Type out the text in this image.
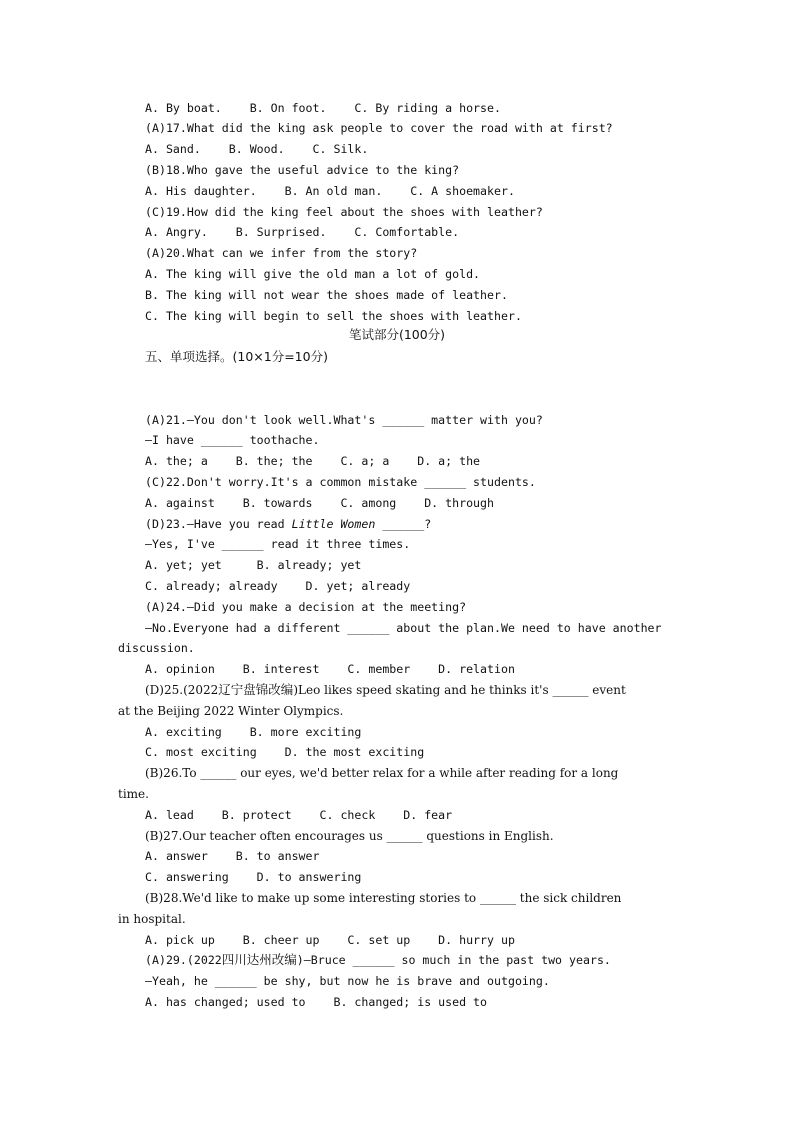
A. By boat.    B. On foot.    C. By riding a horse.
(A)17.What did the king ask people to cover the road with at first?
A. Sand.    B. Wood.    C. Silk.
(B)18.Who gave the useful advice to the king?
A. His daughter.    B. An old man.    C. A shoemaker.
(C)19.How did the king feel about the shoes with leather?
A. Angry.    B. Surprised.    C. Comfortable.
(A)20.What can we infer from the story?
A. The king will give the old man a lot of gold.
B. The king will not wear the shoes made of leather.
C. The king will begin to sell the shoes with leather.
笔试部分(100分)
五、单项选择。(10×1分=10分)
(A)21.—You don't look well.What's ______ matter with you?
—I have ______ toothache.
A. the; a    B. the; the    C. a; a    D. a; the
(C)22.Don't worry.It's a common mistake ______ students.
A. against    B. towards    C. among    D. through
(D)23.—Have you read Little Women ______?
—Yes, I've ______ read it three times.
A. yet; yet     B. already; yet
C. already; already    D. yet; already
(A)24.—Did you make a decision at the meeting?
—No.Everyone had a different ______ about the plan.We need to have another
discussion.
A. opinion    B. interest    C. member    D. relation
(D)25.(2022辽宁盘锦改编)Leo likes speed skating and he thinks it's ______ event
at the Beijing 2022 Winter Olympics.
A. exciting    B. more exciting
C. most exciting    D. the most exciting
(B)26.To ______ our eyes, we'd better relax for a while after reading for a long
time.
A. lead    B. protect    C. check    D. fear
(B)27.Our teacher often encourages us ______ questions in English.
A. answer    B. to answer
C. answering    D. to answering
(B)28.We'd like to make up some interesting stories to ______ the sick children
in hospital.
A. pick up    B. cheer up    C. set up    D. hurry up
(A)29.(2022四川达州改编)—Bruce ______ so much in the past two years.
—Yeah, he ______ be shy, but now he is brave and outgoing.
A. has changed; used to    B. changed; is used to
